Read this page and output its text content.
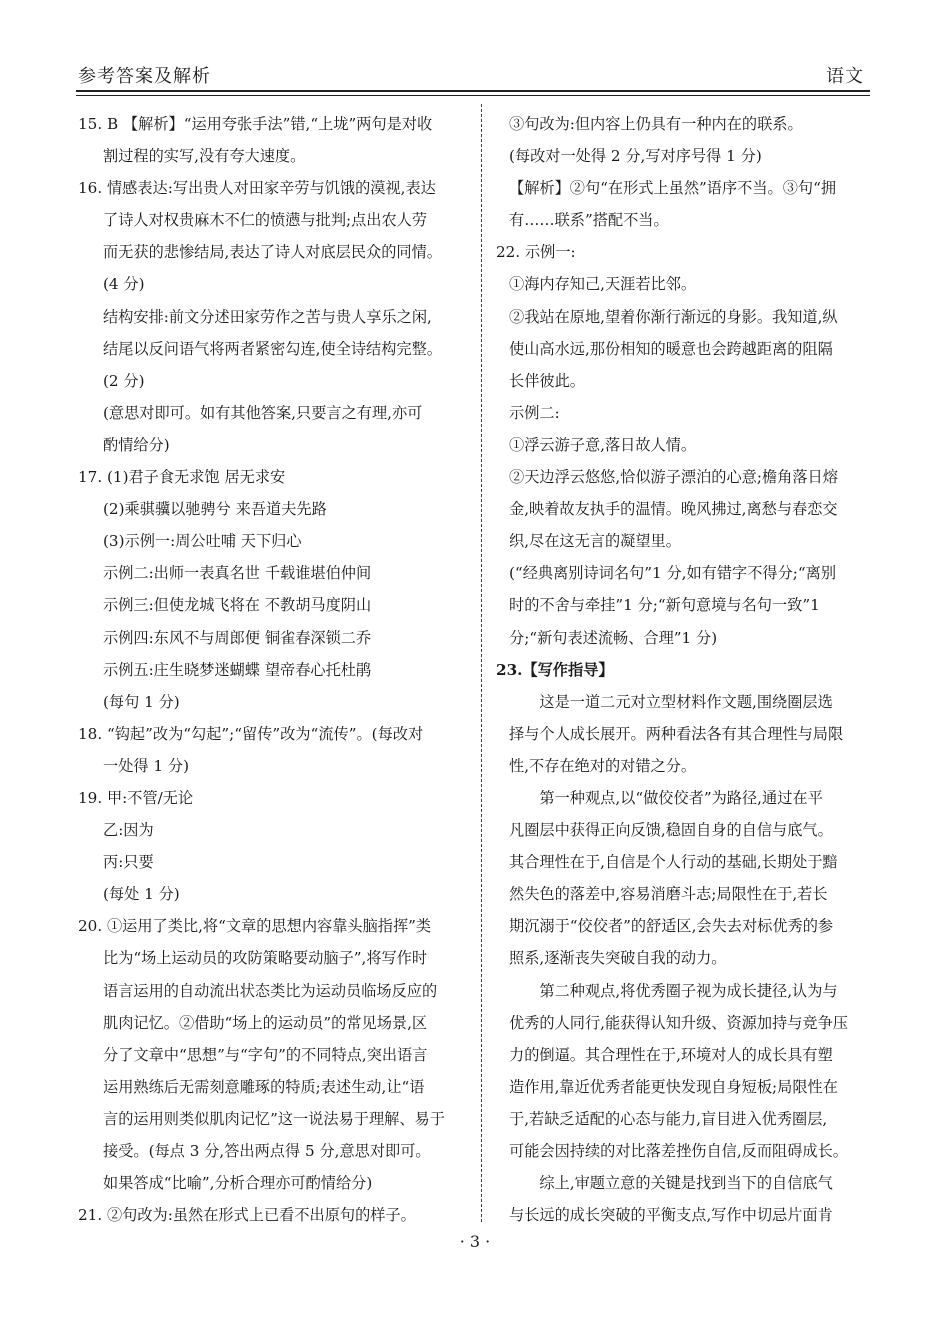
参考答案及解析	语文

15. B 【解析】“运用夸张手法”错,“上垅”两句是对收

割过程的实写,没有夸大速度。

16. 情感表达:写出贵人对田家辛劳与饥饿的漠视,表达

了诗人对权贵麻木不仁的愤懑与批判;点出农人劳

而无获的悲惨结局,表达了诗人对底层民众的同情。

(4 分)

结构安排:前文分述田家劳作之苦与贵人享乐之闲,

结尾以反问语气将两者紧密勾连,使全诗结构完整。

(2 分)

(意思对即可。如有其他答案,只要言之有理,亦可

酌情给分)

17. (1)君子食无求饱 居无求安

(2)乘骐骥以驰骋兮 来吾道夫先路

(3)示例一:周公吐哺 天下归心

示例二:出师一表真名世 千载谁堪伯仲间

示例三:但使龙城飞将在 不教胡马度阴山

示例四:东风不与周郎便 铜雀春深锁二乔

示例五:庄生晓梦迷蝴蝶 望帝春心托杜鹃

(每句 1 分)

18. “钩起”改为“勾起”;“留传”改为“流传”。(每改对

一处得 1 分)

19. 甲:不管/无论

乙:因为

丙:只要

(每处 1 分)

20. ①运用了类比,将“文章的思想内容靠头脑指挥”类

比为“场上运动员的攻防策略要动脑子”,将写作时

语言运用的自动流出状态类比为运动员临场反应的

肌肉记忆。②借助“场上的运动员”的常见场景,区

分了文章中“思想”与“字句”的不同特点,突出语言

运用熟练后无需刻意雕琢的特质;表述生动,让“语

言的运用则类似肌肉记忆”这一说法易于理解、易于

接受。(每点 3 分,答出两点得 5 分,意思对即可。

如果答成“比喻”,分析合理亦可酌情给分)

21. ②句改为:虽然在形式上已看不出原句的样子。

③句改为:但内容上仍具有一种内在的联系。

(每改对一处得 2 分,写对序号得 1 分)

【解析】②句“在形式上虽然”语序不当。③句“拥

有……联系”搭配不当。

22. 示例一:

①海内存知己,天涯若比邻。

②我站在原地,望着你渐行渐远的身影。我知道,纵

使山高水远,那份相知的暖意也会跨越距离的阻隔

长伴彼此。

示例二:

①浮云游子意,落日故人情。

②天边浮云悠悠,恰似游子漂泊的心意;檐角落日熔

金,映着故友执手的温情。晚风拂过,离愁与春恋交

织,尽在这无言的凝望里。

(“经典离别诗词名句”1 分,如有错字不得分;“离别

时的不舍与牵挂”1 分;“新句意境与名句一致”1

分;“新句表述流畅、合理”1 分)

23.【写作指导】

这是一道二元对立型材料作文题,围绕圈层选

择与个人成长展开。两种看法各有其合理性与局限

性,不存在绝对的对错之分。

第一种观点,以“做佼佼者”为路径,通过在平

凡圈层中获得正向反馈,稳固自身的自信与底气。

其合理性在于,自信是个人行动的基础,长期处于黯

然失色的落差中,容易消磨斗志;局限性在于,若长

期沉溺于“佼佼者”的舒适区,会失去对标优秀的参

照系,逐渐丧失突破自我的动力。

第二种观点,将优秀圈子视为成长捷径,认为与

优秀的人同行,能获得认知升级、资源加持与竞争压

力的倒逼。其合理性在于,环境对人的成长具有塑

造作用,靠近优秀者能更快发现自身短板;局限性在

于,若缺乏适配的心态与能力,盲目进入优秀圈层,

可能会因持续的对比落差挫伤自信,反而阻碍成长。

综上,审题立意的关键是找到当下的自信底气

与长远的成长突破的平衡支点,写作中切忌片面肯

· 3 ·
